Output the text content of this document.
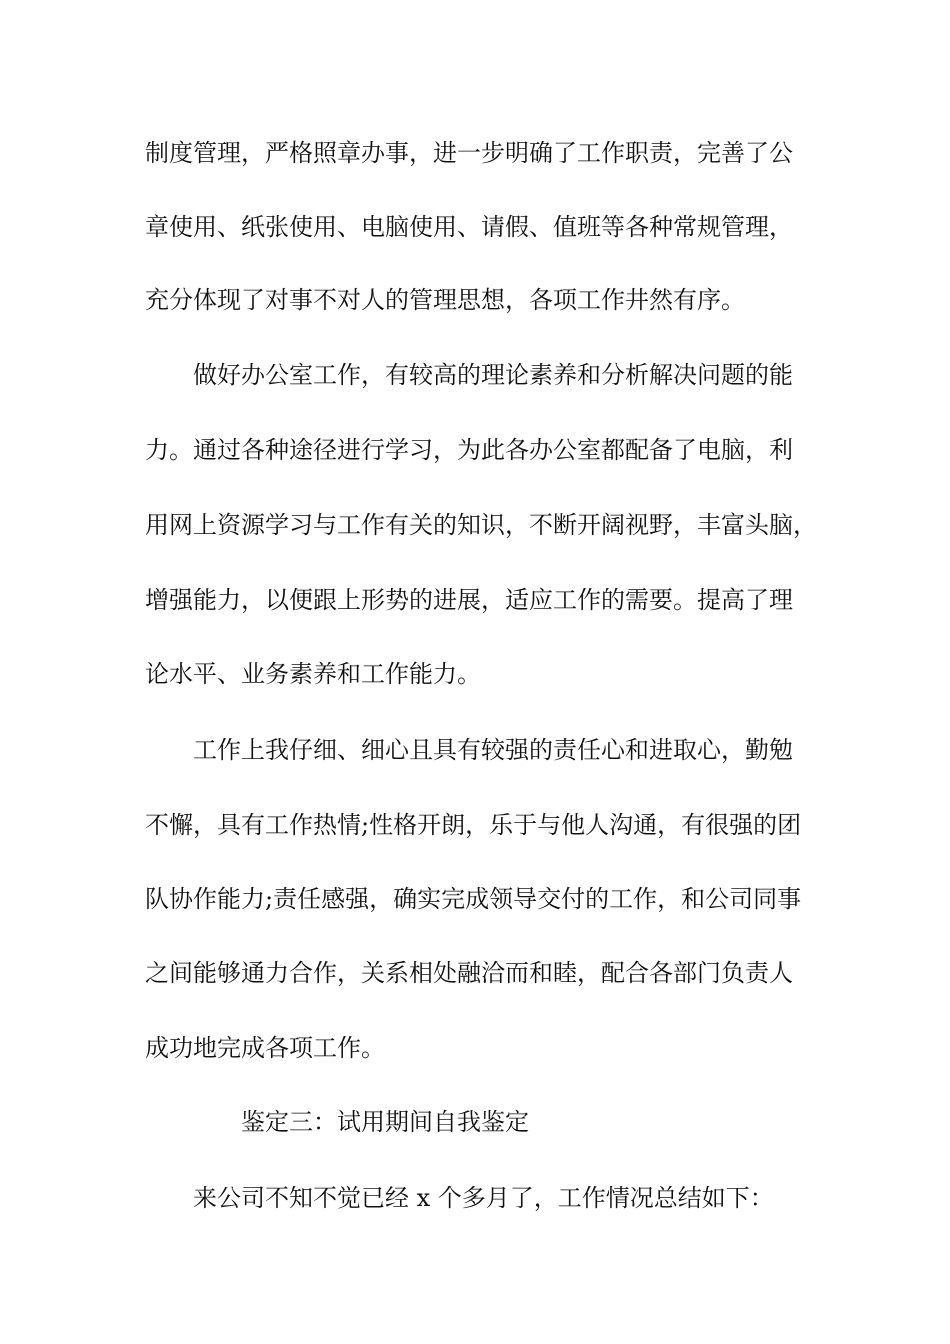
制度管理，严格照章办事，进一步明确了工作职责，完善了公
章使用、纸张使用、电脑使用、请假、值班等各种常规管理，
充分体现了对事不对人的管理思想，各项工作井然有序。
做好办公室工作，有较高的理论素养和分析解决问题的能
力。通过各种途径进行学习，为此各办公室都配备了电脑，利
用网上资源学习与工作有关的知识，不断开阔视野，丰富头脑，
增强能力，以便跟上形势的进展，适应工作的需要。提高了理
论水平、业务素养和工作能力。
工作上我仔细、细心且具有较强的责任心和进取心，勤勉
不懈，具有工作热情;性格开朗，乐于与他人沟通，有很强的团
队协作能力;责任感强，确实完成领导交付的工作，和公司同事
之间能够通力合作，关系相处融洽而和睦，配合各部门负责人
成功地完成各项工作。
鉴定三：试用期间自我鉴定
来公司不知不觉已经 x 个多月了，工作情况总结如下：
